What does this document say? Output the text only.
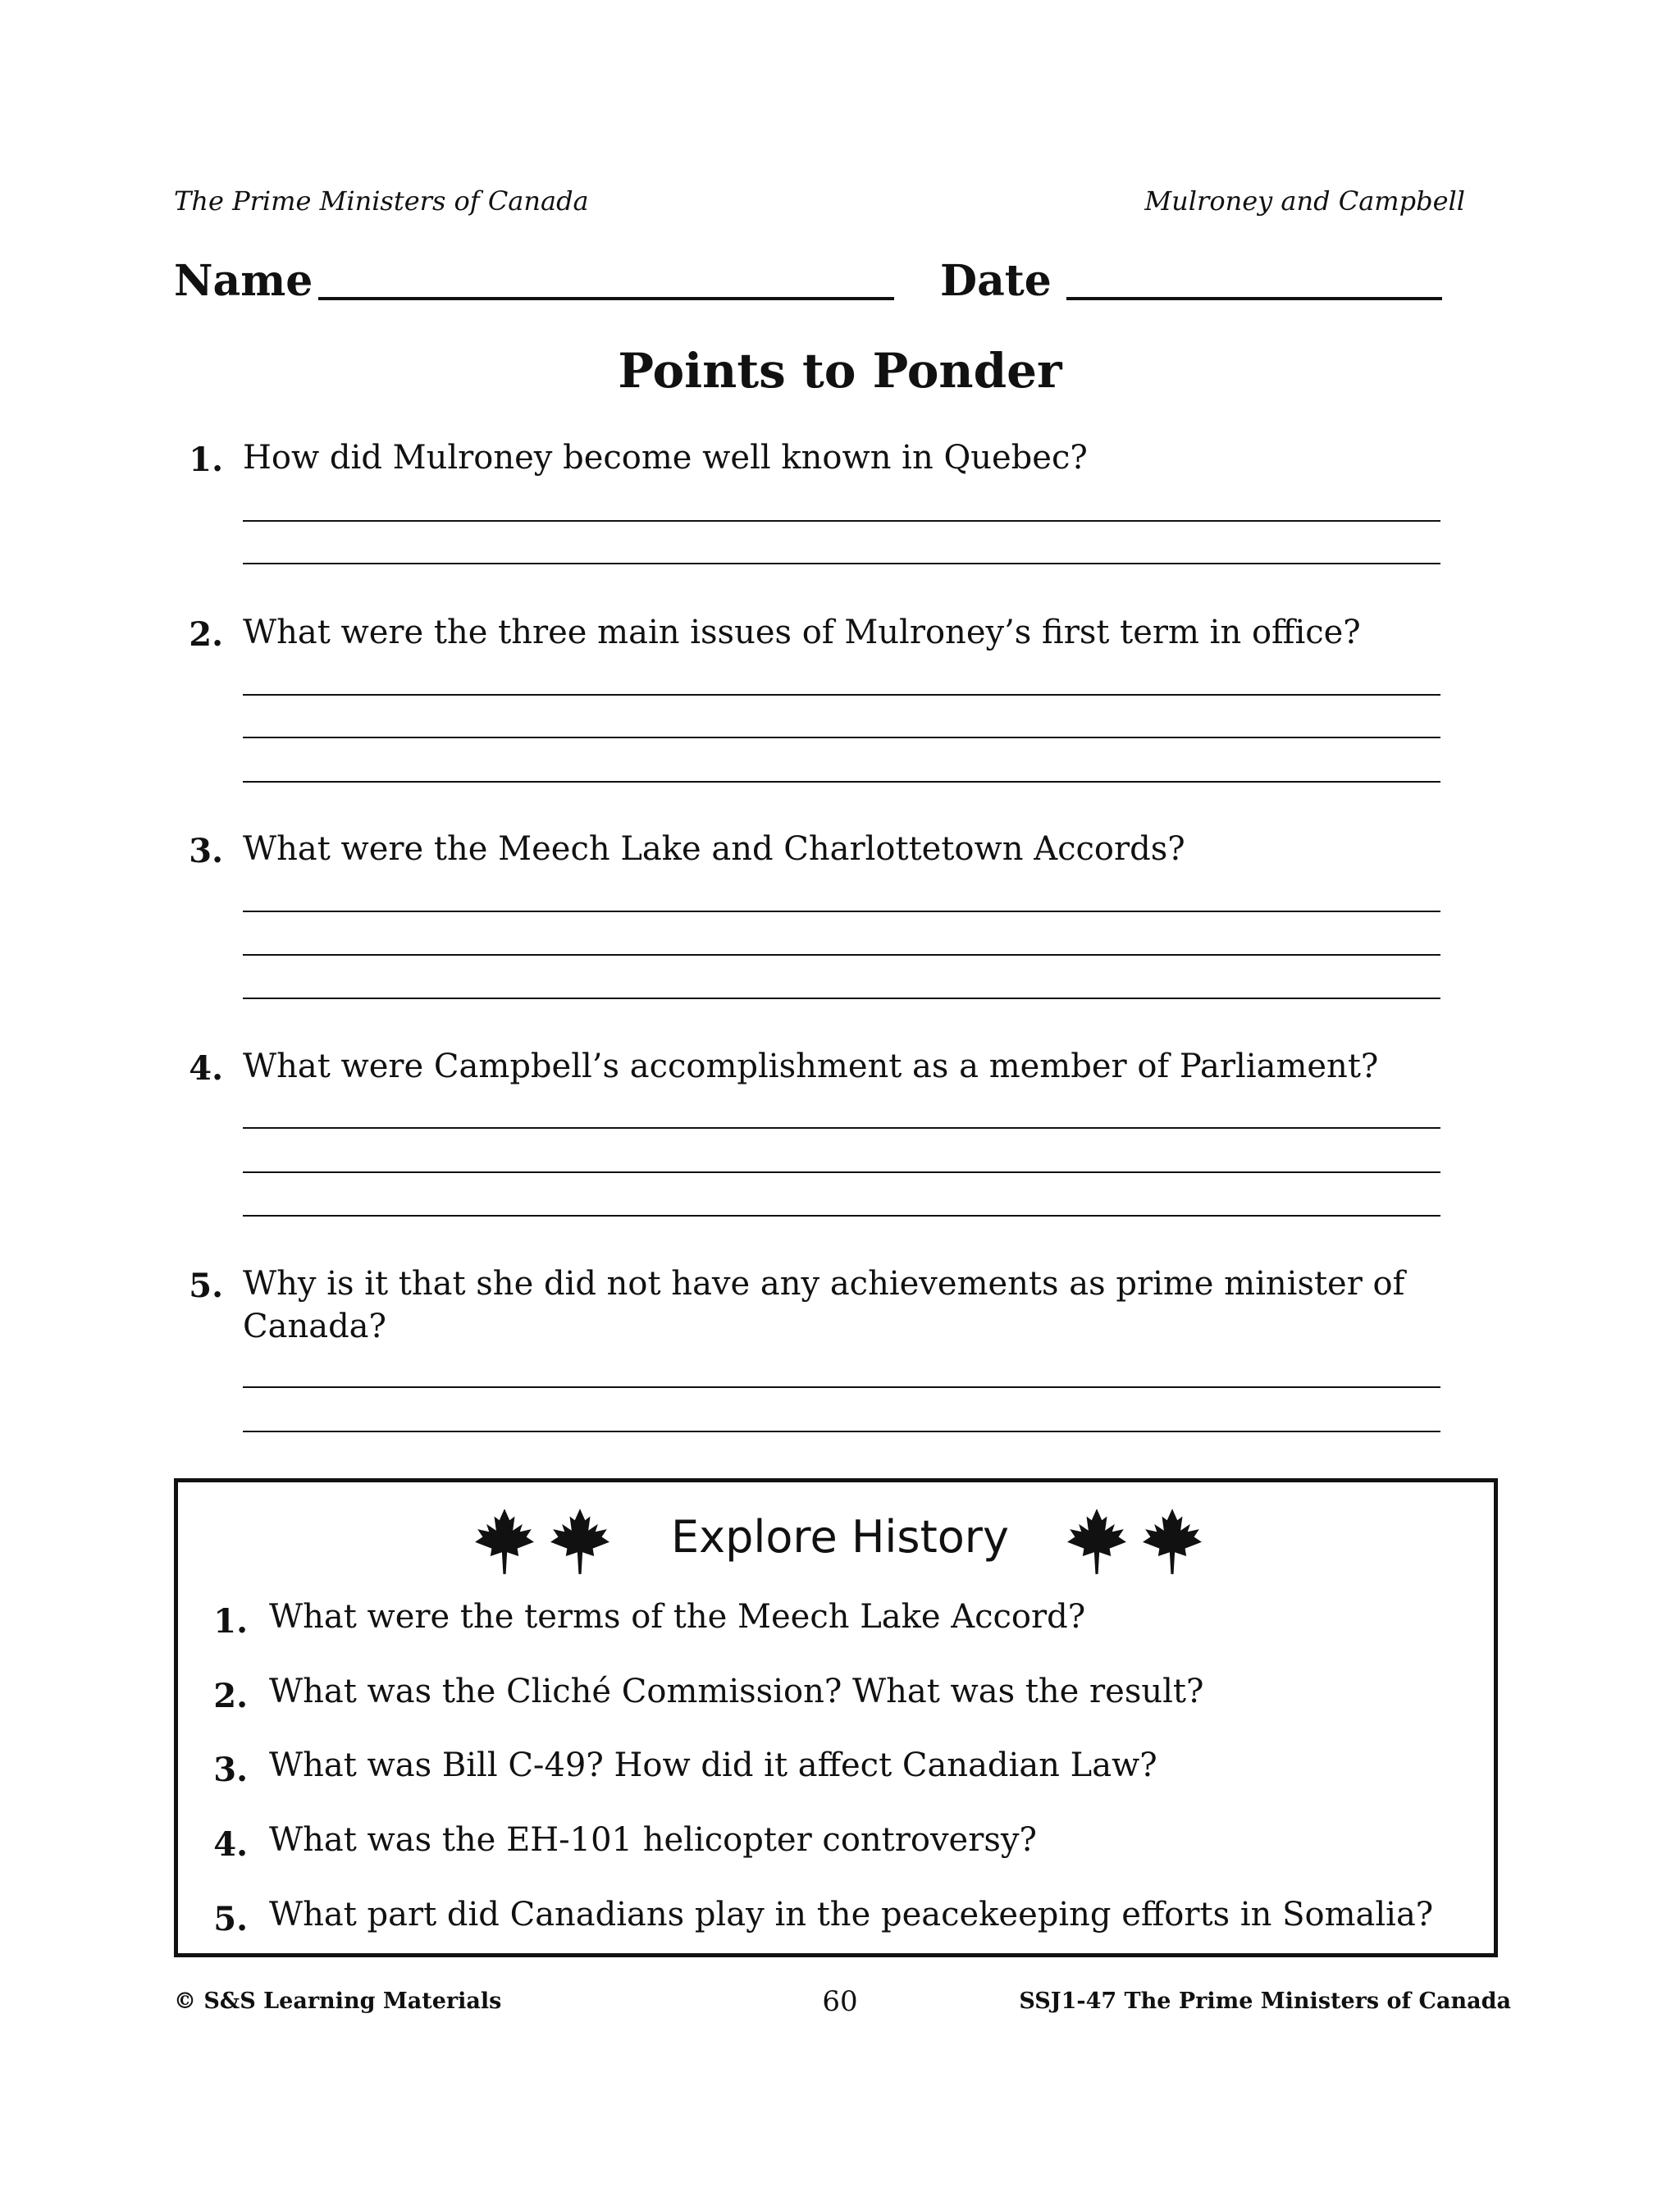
The Prime Ministers of Canada	Mulroney and Campbell
Name	Date
Points to Ponder
1. How did Mulroney become well known in Quebec?
2. What were the three main issues of Mulroney’s first term in office?
3. What were the Meech Lake and Charlottetown Accords?
4. What were Campbell’s accomplishment as a member of Parliament?
5. Why is it that she did not have any achievements as prime minister of
Canada?
Explore History
1. What were the terms of the Meech Lake Accord?
2. What was the Cliché Commission? What was the result?
3. What was Bill C-49? How did it affect Canadian Law?
4. What was the EH-101 helicopter controversy?
5. What part did Canadians play in the peacekeeping efforts in Somalia?
© S&S Learning Materials	60	SSJ1-47 The Prime Ministers of Canada
